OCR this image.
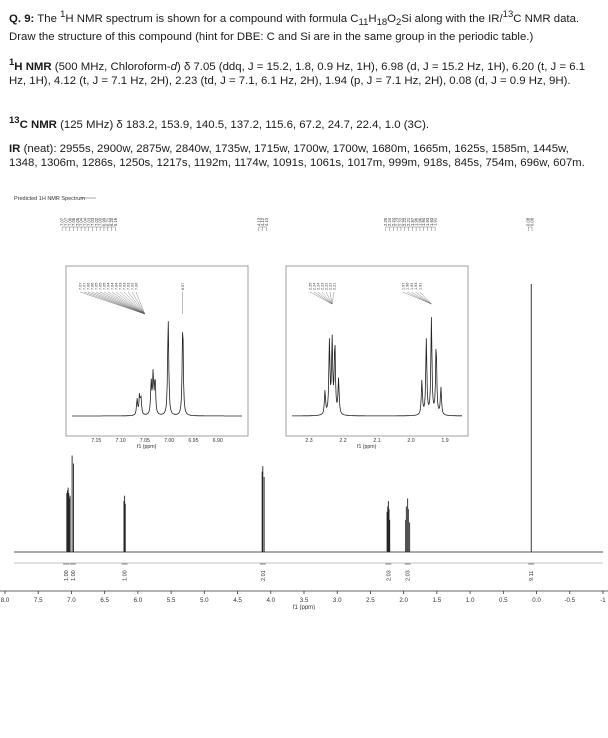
Q. 9: The $^1$H NMR spectrum is shown for a compound with formula $C_{11}H_{18}O_2Si$ along with the IR/$^{13}$C NMR data. Draw the structure of this compound (hint for DBE: C and Si are in the same group in the periodic table.)
$^1$H NMR (500 MHz, Chloroform-d) δ 7.05 (ddq, J = 15.2, 1.8, 0.9 Hz, 1H), 6.98 (d, J = 15.2 Hz, 1H), 6.20 (t, J = 6.1 Hz, 1H), 4.12 (t, J = 7.1 Hz, 2H), 2.23 (td, J = 7.1, 6.1 Hz, 2H), 1.94 (p, J = 7.1 Hz, 2H), 0.08 (d, J = 0.9 Hz, 9H).
$^{13}$C NMR (125 MHz) δ 183.2, 153.9, 140.5, 137.2, 115.6, 67.2, 24.7, 22.4, 1.0 (3C).
IR (neat): 2955s, 2900w, 2875w, 2840w, 1735w, 1715w, 1700w, 1700w, 1680m, 1665m, 1625s, 1585m, 1445w, 1348, 1306m, 1286s, 1250s, 1217s, 1192m, 1174w, 1091s, 1061s, 1017m, 999m, 918s, 845s, 754m, 696w, 607m.
Predicted 1H NMR Spectrum
7.07
7.07
7.06
7.06
7.05
7.04
7.04
7.03
7.03
7.02
7.00
6.99
6.21
6.20
6.19	4.13
4.12
4.10	2.25
2.24
2.24
2.23
2.22
2.22
2.21
1.97
1.96
1.96
1.94
1.93
1.93
1.91	0.08
0.08
8.0	7.5	7.0	6.5	6.0	5.5	5.0	4.5	4.0	3.5	3.0	2.5	2.0	1.5	1.0	0.5	0.0	-0.5	-1
f1 (ppm)
1.00 1.00	1.00	2.01	2.03 2.03	9.11
7.15	7.10	7.05	7.00	6.95	6.90
f1 (ppm)
7.07 7.07 7.06 7.06 7.05 7.05 7.05 7.04 7.04 7.04 7.03 7.03 7.03 7.02 7.00	6.97
2.3	2.2	2.1	2.0	1.9
f1 (ppm)
2.25 2.24 2.24 2.23 2.22 2.22 2.21	1.97 1.96 1.94 1.93 1.91
